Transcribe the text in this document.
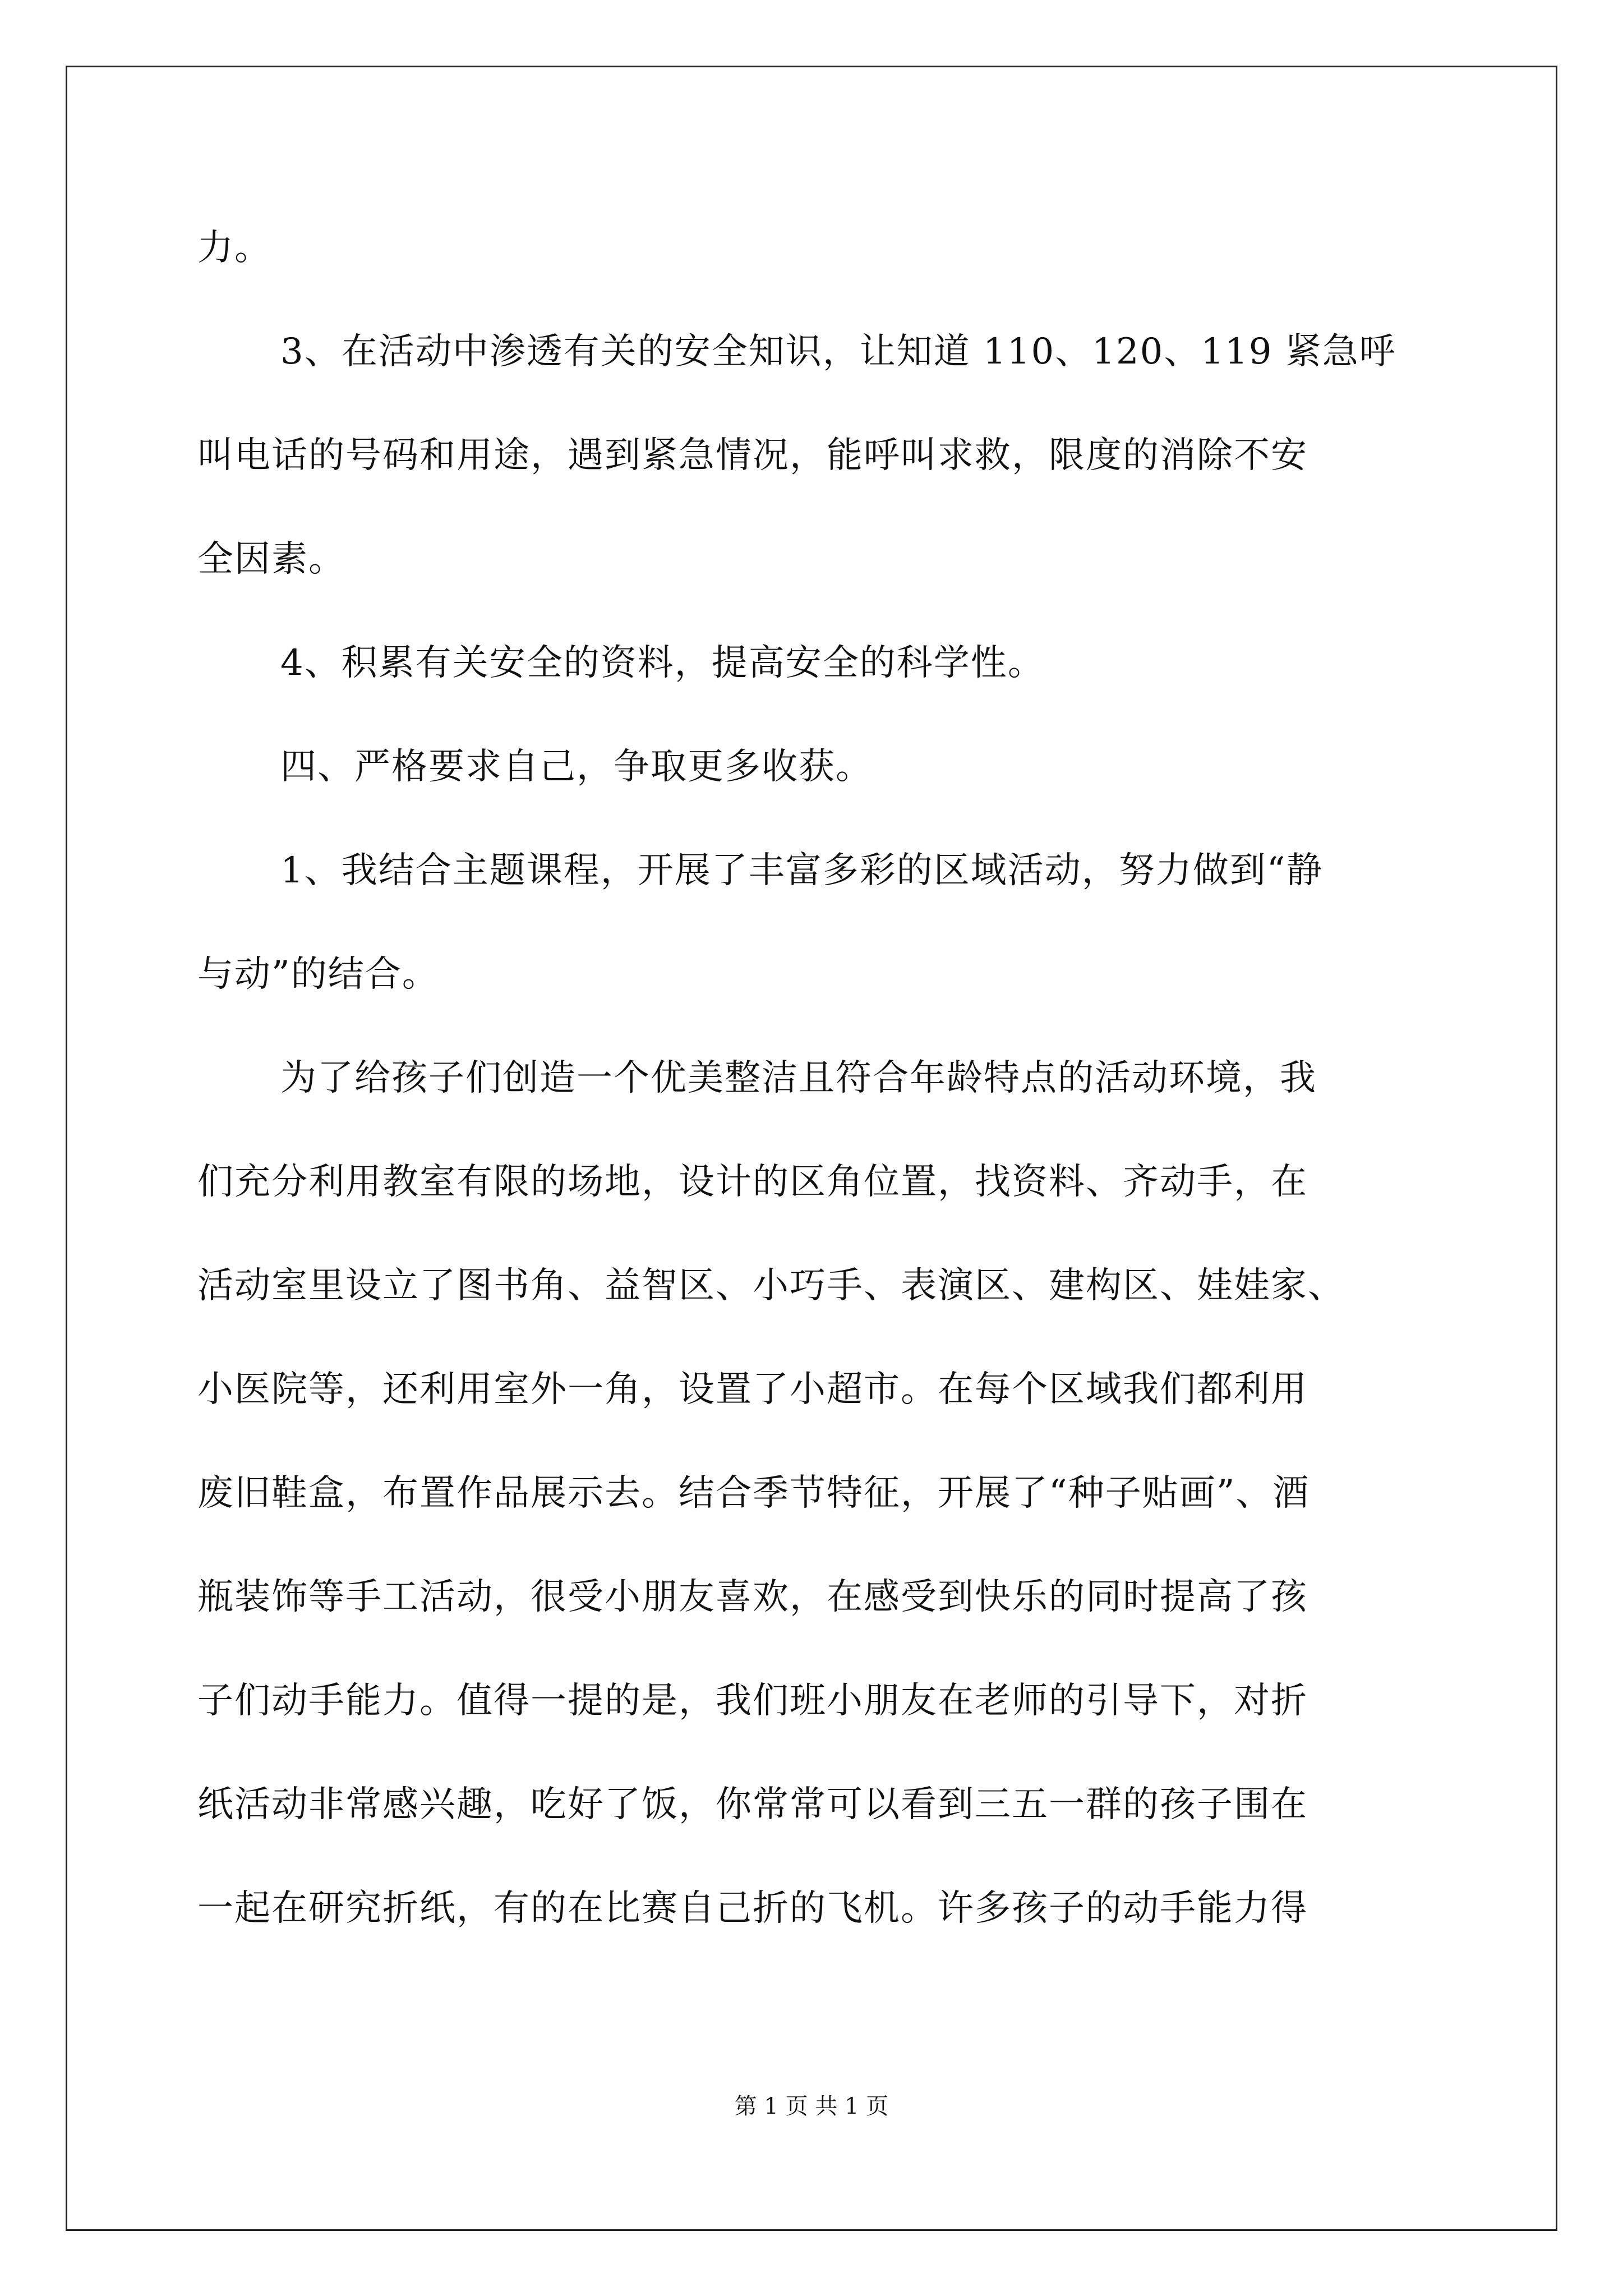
力。
3、在活动中渗透有关的安全知识，让知道 110、120、119 紧急呼
叫电话的号码和用途，遇到紧急情况，能呼叫求救，限度的消除不安
全因素。
4、积累有关安全的资料，提高安全的科学性。
四、严格要求自己，争取更多收获。
1、我结合主题课程，开展了丰富多彩的区域活动，努力做到“静
与动”的结合。
为了给孩子们创造一个优美整洁且符合年龄特点的活动环境，我
们充分利用教室有限的场地，设计的区角位置，找资料、齐动手，在
活动室里设立了图书角、益智区、小巧手、表演区、建构区、娃娃家、
小医院等，还利用室外一角，设置了小超市。在每个区域我们都利用
废旧鞋盒，布置作品展示去。结合季节特征，开展了“种子贴画”、酒
瓶装饰等手工活动，很受小朋友喜欢，在感受到快乐的同时提高了孩
子们动手能力。值得一提的是，我们班小朋友在老师的引导下，对折
纸活动非常感兴趣，吃好了饭，你常常可以看到三五一群的孩子围在
一起在研究折纸，有的在比赛自己折的飞机。许多孩子的动手能力得
第 1 页 共 1 页
